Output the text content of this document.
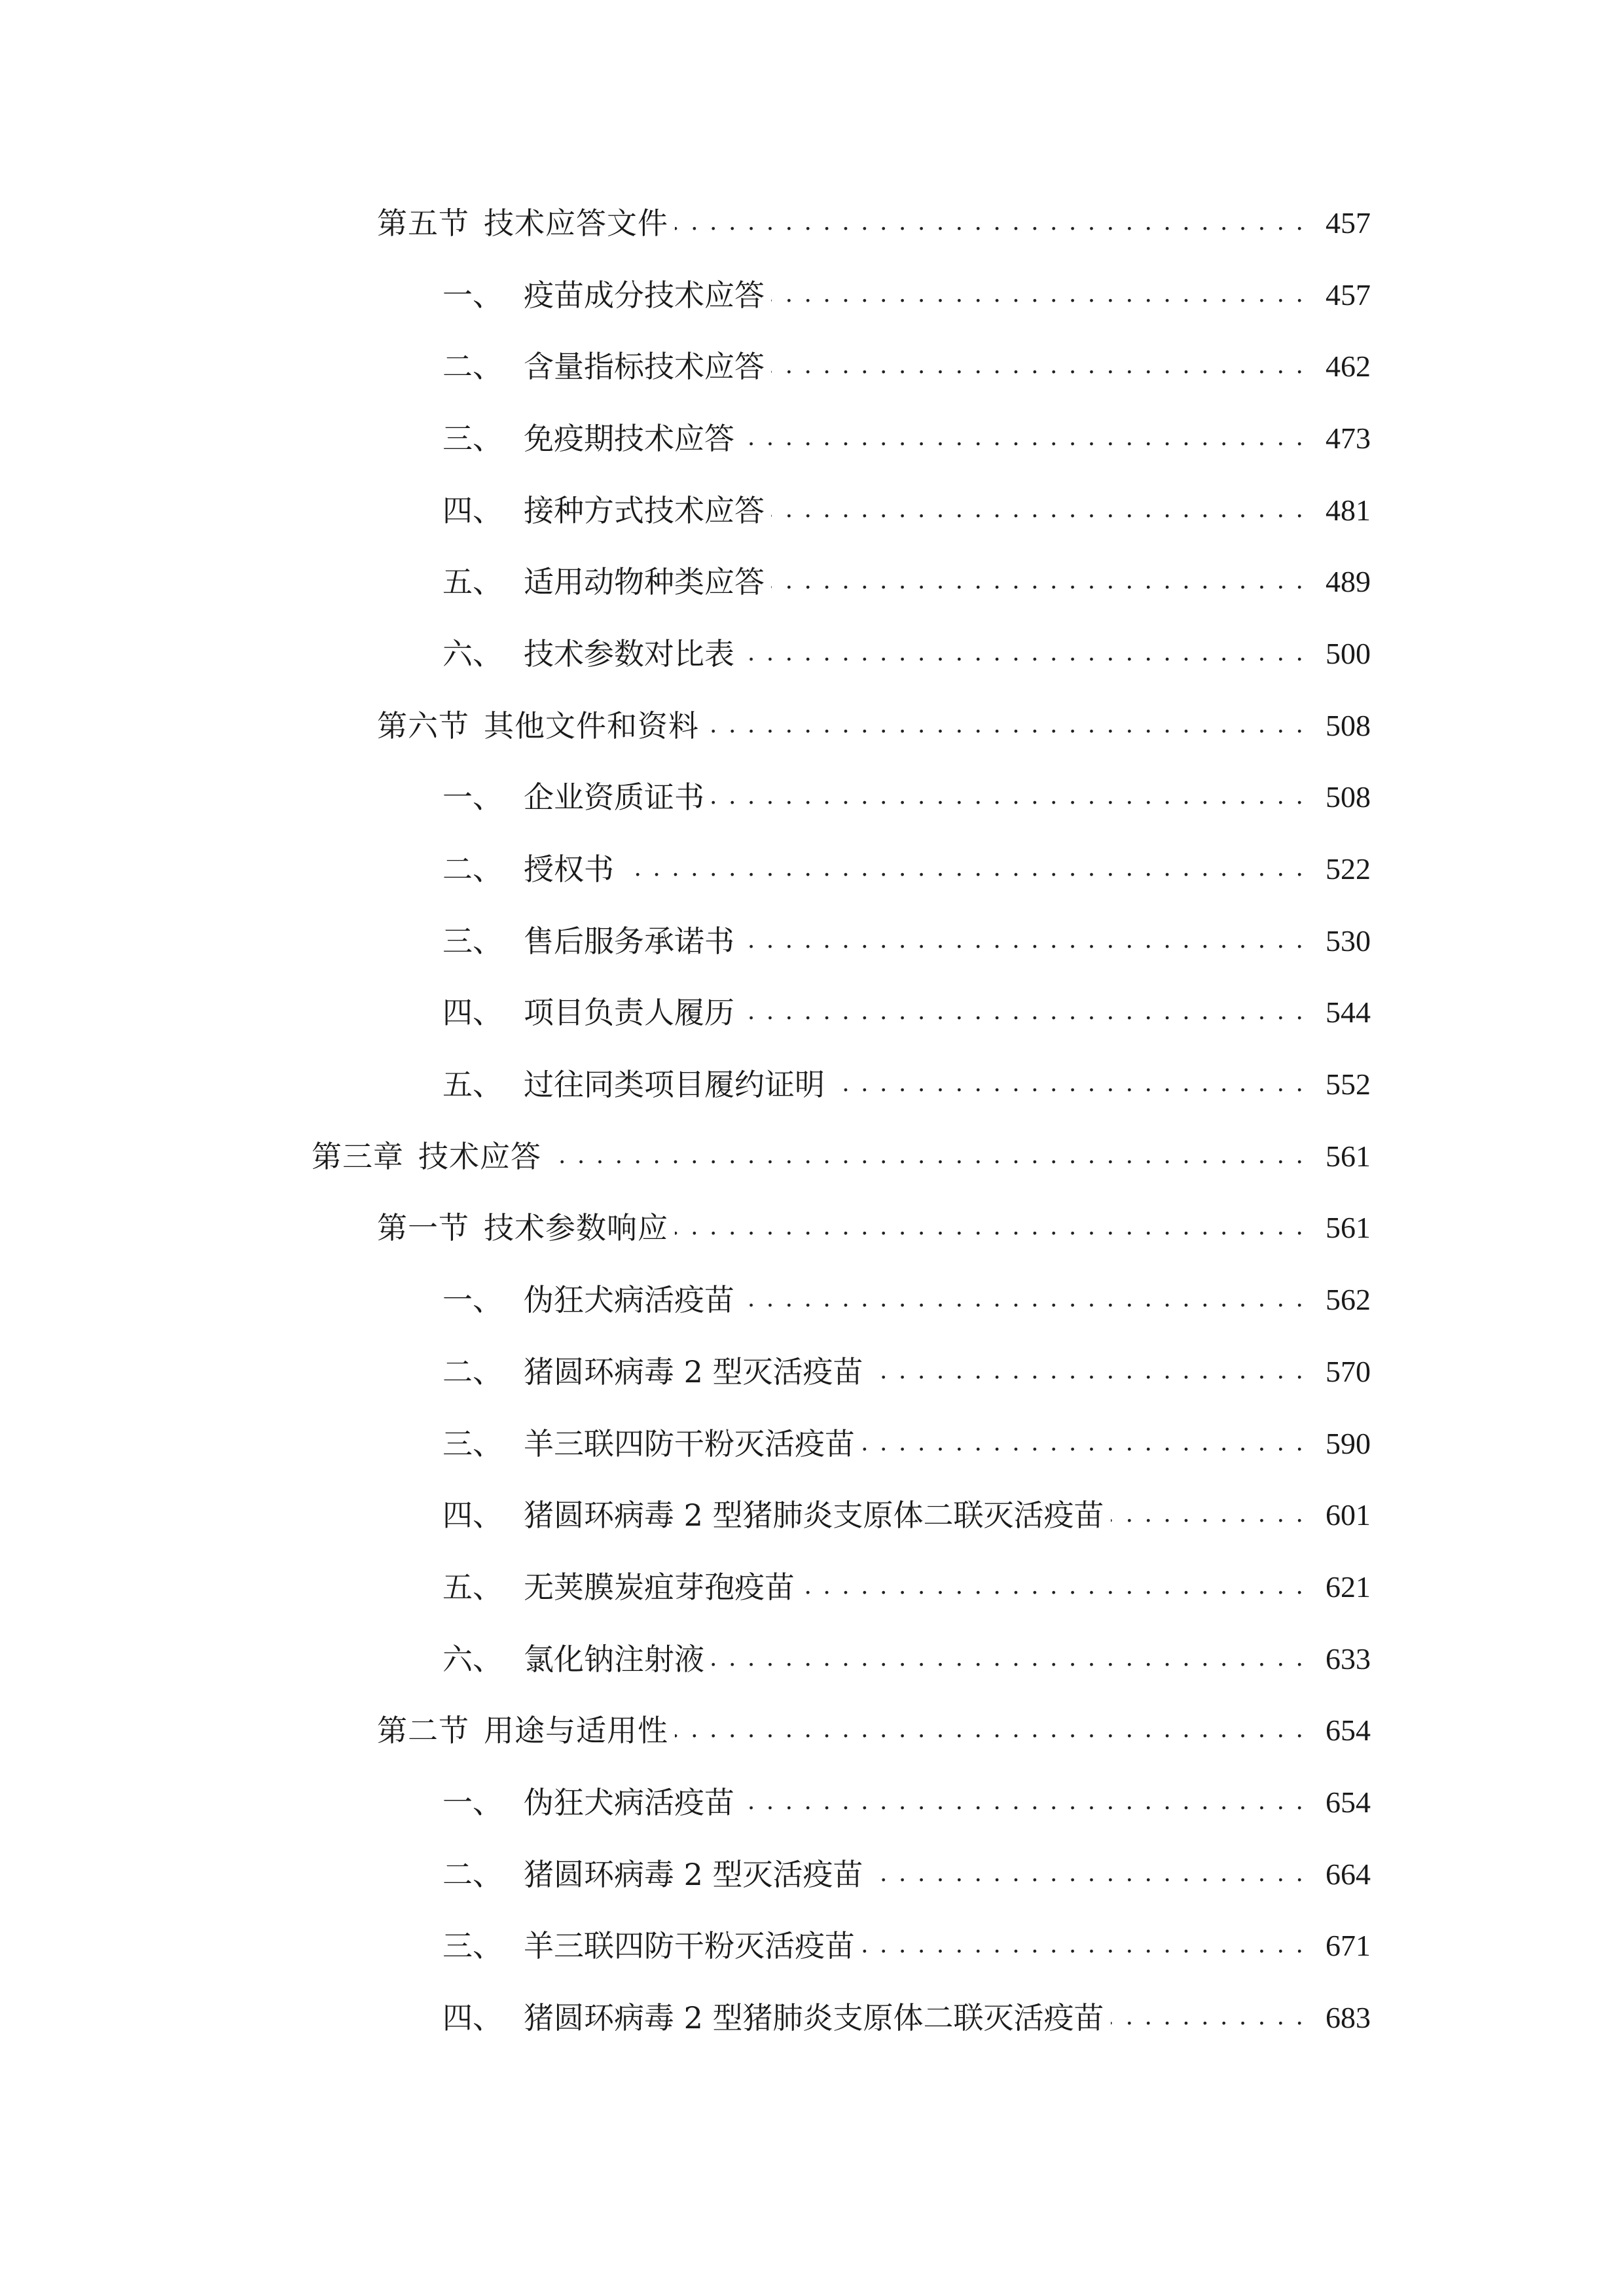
第五节 技术应答文件 . . .	457
一、 疫苗成分技术应答 . . .	457
二、 含量指标技术应答 . . .	462
三、 免疫期技术应答 . . .	473
四、 接种方式技术应答 . . .	481
五、 适用动物种类应答 . . .	489
六、 技术参数对比表 . . .	500
第六节 其他文件和资料 . . .	508
一、 企业资质证书 . . .	508
二、 授权书 . . .	522
三、 售后服务承诺书 . . .	530
四、 项目负责人履历 . . .	544
五、 过往同类项目履约证明 . . .	552
第三章 技术应答 . . .	561
第一节 技术参数响应 . . .	561
一、 伪狂犬病活疫苗 . . .	562
二、 猪圆环病毒 2 型灭活疫苗 . . .	570
三、 羊三联四防干粉灭活疫苗 . . .	590
四、 猪圆环病毒 2 型猪肺炎支原体二联灭活疫苗 . . .	601
五、 无荚膜炭疽芽孢疫苗 . . .	621
六、 氯化钠注射液 . . .	633
第二节 用途与适用性 . . .	654
一、 伪狂犬病活疫苗 . . .	654
二、 猪圆环病毒 2 型灭活疫苗 . . .	664
三、 羊三联四防干粉灭活疫苗 . . .	671
四、 猪圆环病毒 2 型猪肺炎支原体二联灭活疫苗 . . .	683
